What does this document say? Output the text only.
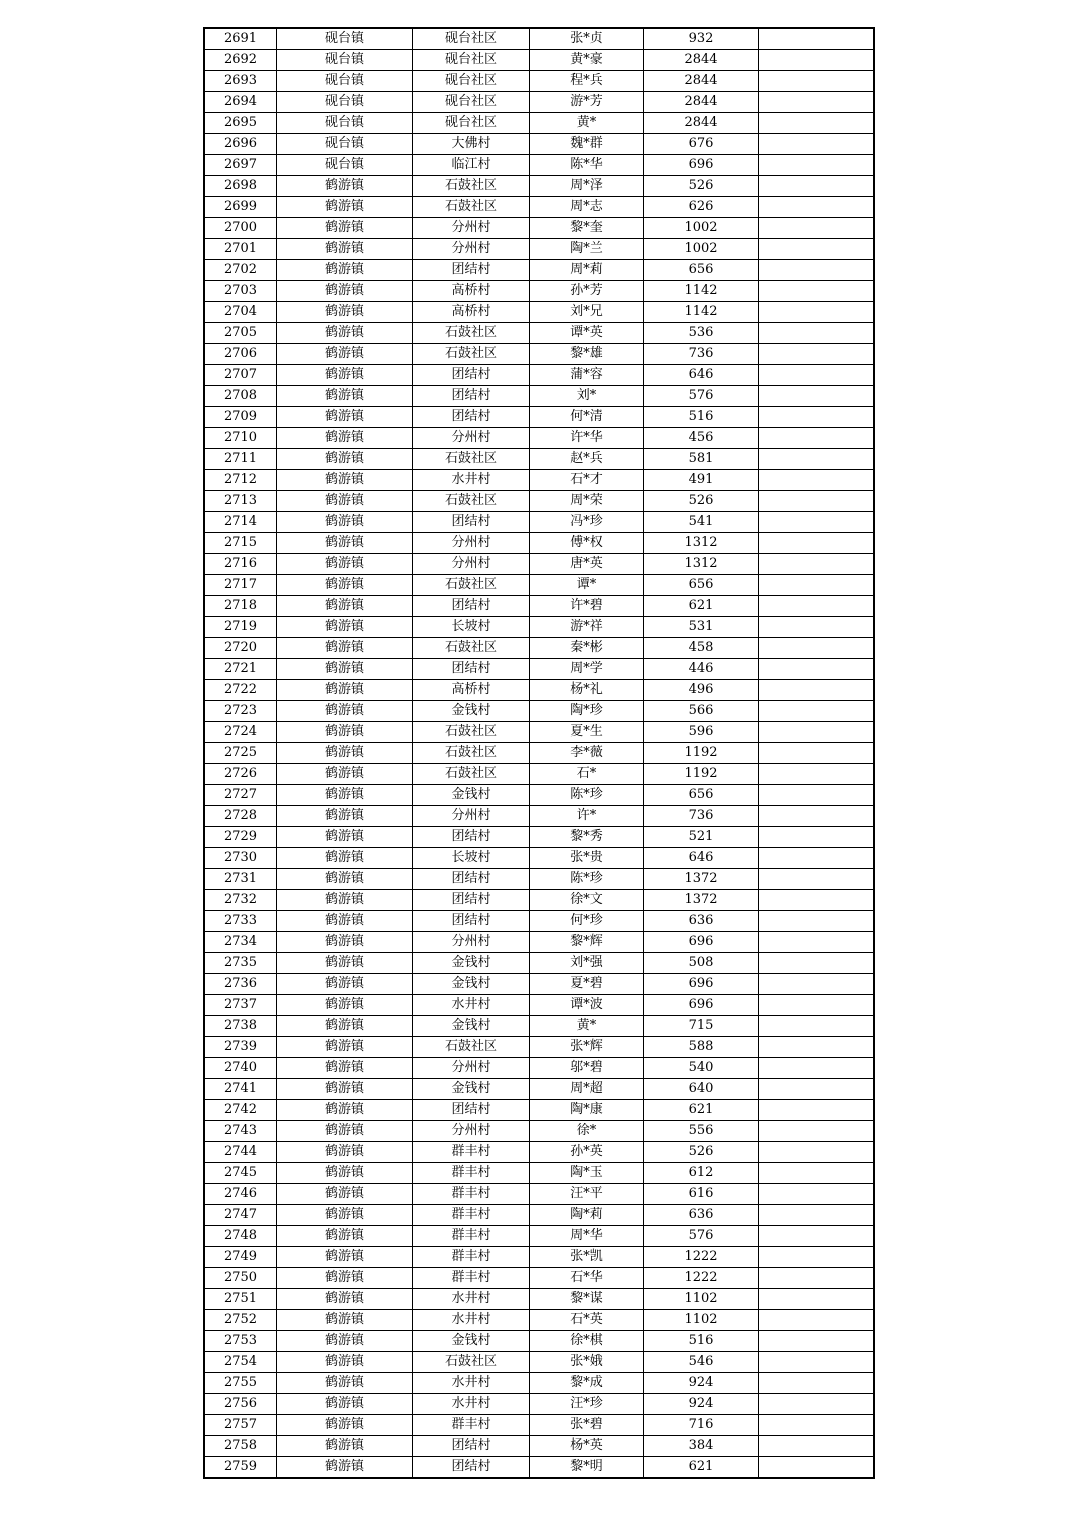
2691	砚台镇	砚台社区	张*贞	932	
2692	砚台镇	砚台社区	黄*豪	2844	
2693	砚台镇	砚台社区	程*兵	2844	
2694	砚台镇	砚台社区	游*芳	2844	
2695	砚台镇	砚台社区	黄*	2844	
2696	砚台镇	大佛村	魏*群	676	
2697	砚台镇	临江村	陈*华	696	
2698	鹤游镇	石鼓社区	周*泽	526	
2699	鹤游镇	石鼓社区	周*志	626	
2700	鹤游镇	分州村	黎*奎	1002	
2701	鹤游镇	分州村	陶*兰	1002	
2702	鹤游镇	团结村	周*莉	656	
2703	鹤游镇	高桥村	孙*芳	1142	
2704	鹤游镇	高桥村	刘*兄	1142	
2705	鹤游镇	石鼓社区	谭*英	536	
2706	鹤游镇	石鼓社区	黎*雄	736	
2707	鹤游镇	团结村	蒲*容	646	
2708	鹤游镇	团结村	刘*	576	
2709	鹤游镇	团结村	何*清	516	
2710	鹤游镇	分州村	许*华	456	
2711	鹤游镇	石鼓社区	赵*兵	581	
2712	鹤游镇	水井村	石*才	491	
2713	鹤游镇	石鼓社区	周*荣	526	
2714	鹤游镇	团结村	冯*珍	541	
2715	鹤游镇	分州村	傅*权	1312	
2716	鹤游镇	分州村	唐*英	1312	
2717	鹤游镇	石鼓社区	谭*	656	
2718	鹤游镇	团结村	许*碧	621	
2719	鹤游镇	长坡村	游*祥	531	
2720	鹤游镇	石鼓社区	秦*彬	458	
2721	鹤游镇	团结村	周*学	446	
2722	鹤游镇	高桥村	杨*礼	496	
2723	鹤游镇	金钱村	陶*珍	566	
2724	鹤游镇	石鼓社区	夏*生	596	
2725	鹤游镇	石鼓社区	李*薇	1192	
2726	鹤游镇	石鼓社区	石*	1192	
2727	鹤游镇	金钱村	陈*珍	656	
2728	鹤游镇	分州村	许*	736	
2729	鹤游镇	团结村	黎*秀	521	
2730	鹤游镇	长坡村	张*贵	646	
2731	鹤游镇	团结村	陈*珍	1372	
2732	鹤游镇	团结村	徐*文	1372	
2733	鹤游镇	团结村	何*珍	636	
2734	鹤游镇	分州村	黎*辉	696	
2735	鹤游镇	金钱村	刘*强	508	
2736	鹤游镇	金钱村	夏*碧	696	
2737	鹤游镇	水井村	谭*波	696	
2738	鹤游镇	金钱村	黄*	715	
2739	鹤游镇	石鼓社区	张*辉	588	
2740	鹤游镇	分州村	邬*碧	540	
2741	鹤游镇	金钱村	周*超	640	
2742	鹤游镇	团结村	陶*康	621	
2743	鹤游镇	分州村	徐*	556	
2744	鹤游镇	群丰村	孙*英	526	
2745	鹤游镇	群丰村	陶*玉	612	
2746	鹤游镇	群丰村	汪*平	616	
2747	鹤游镇	群丰村	陶*莉	636	
2748	鹤游镇	群丰村	周*华	576	
2749	鹤游镇	群丰村	张*凯	1222	
2750	鹤游镇	群丰村	石*华	1222	
2751	鹤游镇	水井村	黎*谋	1102	
2752	鹤游镇	水井村	石*英	1102	
2753	鹤游镇	金钱村	徐*棋	516	
2754	鹤游镇	石鼓社区	张*娥	546	
2755	鹤游镇	水井村	黎*成	924	
2756	鹤游镇	水井村	汪*珍	924	
2757	鹤游镇	群丰村	张*碧	716	
2758	鹤游镇	团结村	杨*英	384	
2759	鹤游镇	团结村	黎*明	621	
